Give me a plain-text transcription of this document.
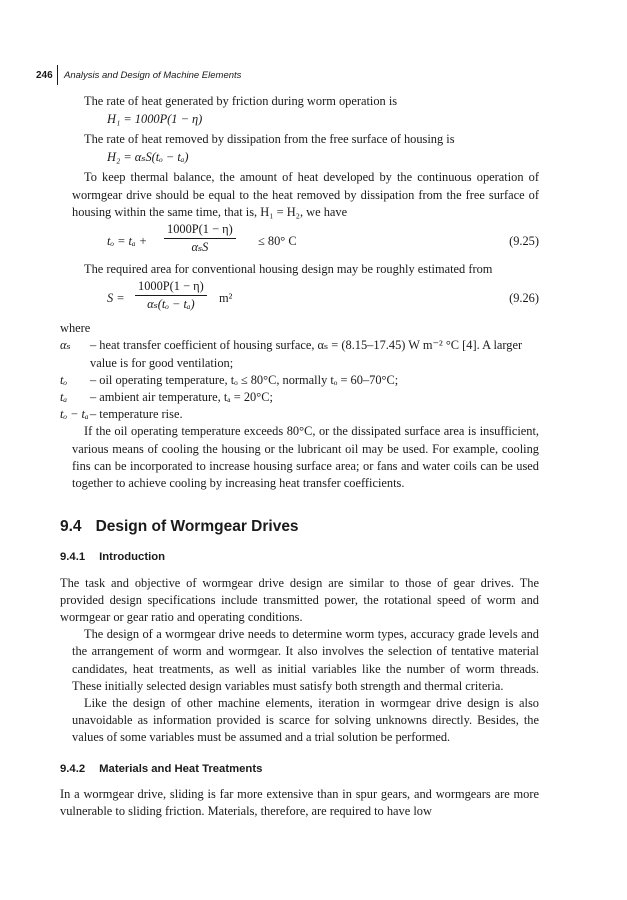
246 Analysis and Design of Machine Elements

The rate of heat generated by friction during worm operation is

H₁ = 1000P(1 − η)

The rate of heat removed by dissipation from the free surface of housing is

H₂ = αₛS(tₒ − tₐ)

To keep thermal balance, the amount of heat developed by the continuous operation of wormgear drive should be equal to the heat removed by dissipation from the free surface of housing within the same time, that is, H₁ = H₂, we have

tₒ = tₐ +
1000P(1 − η)
αₛS	≤ 80° C	(9.25)

The required area for conventional housing design may be roughly estimated from

S =
1000P(1 − η)
αₛ(tₒ − tₐ) m²	(9.26)

where

αₛ – heat transfer coefficient of housing surface, αₛ = (8.15–17.45) W m⁻² °C [4]. A larger value is for good ventilation;
tₒ – oil operating temperature, tₒ ≤ 80°C, normally tₒ = 60–70°C;
tₐ – ambient air temperature, tₐ = 20°C;
tₒ − tₐ – temperature rise.

If the oil operating temperature exceeds 80°C, or the dissipated surface area is insufficient, various means of cooling the housing or the lubricant oil may be used. For example, cooling fins can be incorporated to increase housing surface area; or fans and water coils can be used together to achieve cooling by increasing heat transfer coefficients.

9.4 Design of Wormgear Drives
9.4.1 Introduction

The task and objective of wormgear drive design are similar to those of gear drives. The provided design specifications include transmitted power, the rotational speed of worm and wormgear or gear ratio and operating conditions.

The design of a wormgear drive needs to determine worm types, accuracy grade levels and the arrangement of worm and wormgear. It also involves the selection of tentative material candidates, heat treatments, as well as initial variables like the number of worm threads. These initially selected design variables must satisfy both strength and thermal criteria.

Like the design of other machine elements, iteration in wormgear drive design is also unavoidable as information provided is scarce for solving unknowns directly. Besides, the values of some variables must be assumed and a trial solution be performed.

9.4.2 Materials and Heat Treatments

In a wormgear drive, sliding is far more extensive than in spur gears, and wormgears are more vulnerable to sliding friction. Materials, therefore, are required to have low
